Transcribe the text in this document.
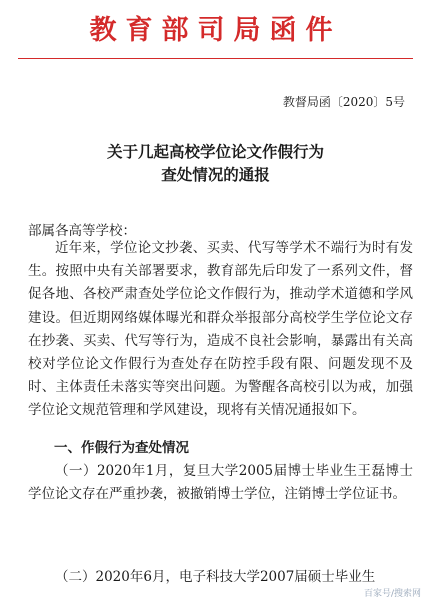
教育部司局函件
教督局函〔2020〕5号
关于几起高校学位论文作假行为
查处情况的通报
部属各高等学校：

近年来，学位论文抄袭、买卖、代写等学术不端行为时有发生。按照中央有关部署要求，教育部先后印发了一系列文件，督促各地、各校严肃查处学位论文作假行为，推动学术道德和学风建设。但近期网络媒体曝光和群众举报部分高校学生学位论文存在抄袭、买卖、代写等行为，造成不良社会影响，暴露出有关高校对学位论文作假行为查处存在防控手段有限、问题发现不及时、主体责任未落实等突出问题。为警醒各高校引以为戒，加强学位论文规范管理和学风建设，现将有关情况通报如下。

一、作假行为查处情况

（一）2020年1月，复旦大学2005届博士毕业生王磊博士学位论文存在严重抄袭，被撤销博士学位，注销博士学位证书。

（二）2020年6月，电子科技大学2007届硕士毕业生

百家号/搜索网
